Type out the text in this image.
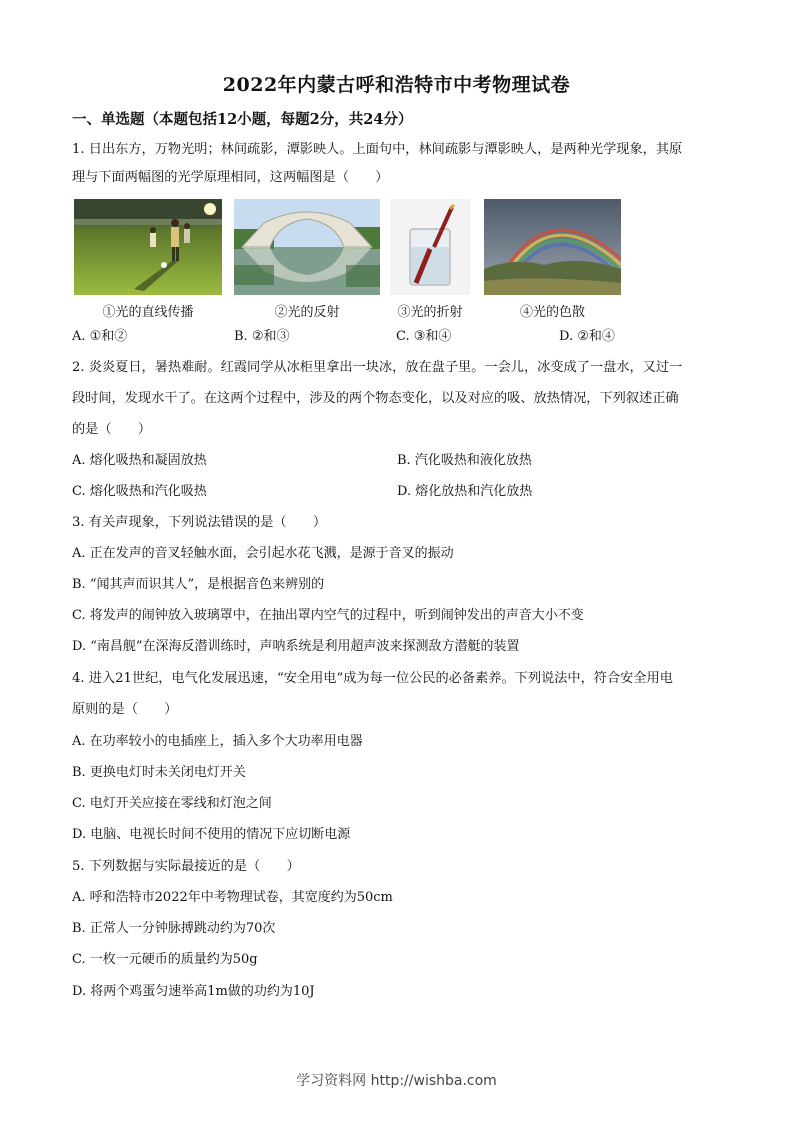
2022年内蒙古呼和浩特市中考物理试卷
一、单选题（本题包括12小题，每题2分，共24分）
1. 日出东方，万物光明；林间疏影，潭影映人。上面句中，林间疏影与潭影映人，是两种光学现象，其原
理与下面两幅图的光学原理相同，这两幅图是（　　）
①光的直线传播	②光的反射	③光的折射	④光的色散
A. ①和②	B. ②和③	C. ③和④	D. ②和④
2. 炎炎夏日，暑热难耐。红霞同学从冰柜里拿出一块冰，放在盘子里。一会儿，冰变成了一盘水，又过一
段时间，发现水干了。在这两个过程中，涉及的两个物态变化，以及对应的吸、放热情况，下列叙述正确
的是（　　）
A. 熔化吸热和凝固放热	B. 汽化吸热和液化放热
C. 熔化吸热和汽化吸热	D. 熔化放热和汽化放热
3. 有关声现象，下列说法错误的是（　　）
A. 正在发声的音叉轻触水面，会引起水花飞溅，是源于音叉的振动
B. “闻其声而识其人”，是根据音色来辨别的
C. 将发声的闹钟放入玻璃罩中，在抽出罩内空气的过程中，听到闹钟发出的声音大小不变
D. “南昌舰”在深海反潜训练时，声呐系统是利用超声波来探测敌方潜艇的装置
4. 进入21世纪，电气化发展迅速，“安全用电”成为每一位公民的必备素养。下列说法中，符合安全用电
原则的是（　　）
A. 在功率较小的电插座上，插入多个大功率用电器
B. 更换电灯时未关闭电灯开关
C. 电灯开关应接在零线和灯泡之间
D. 电脑、电视长时间不使用的情况下应切断电源
5. 下列数据与实际最接近的是（　　）
A. 呼和浩特市2022年中考物理试卷，其宽度约为50cm
B. 正常人一分钟脉搏跳动约为70次
C. 一枚一元硬币的质量约为50g
D. 将两个鸡蛋匀速举高1m做的功约为10J
学习资料网 http://wishba.com
